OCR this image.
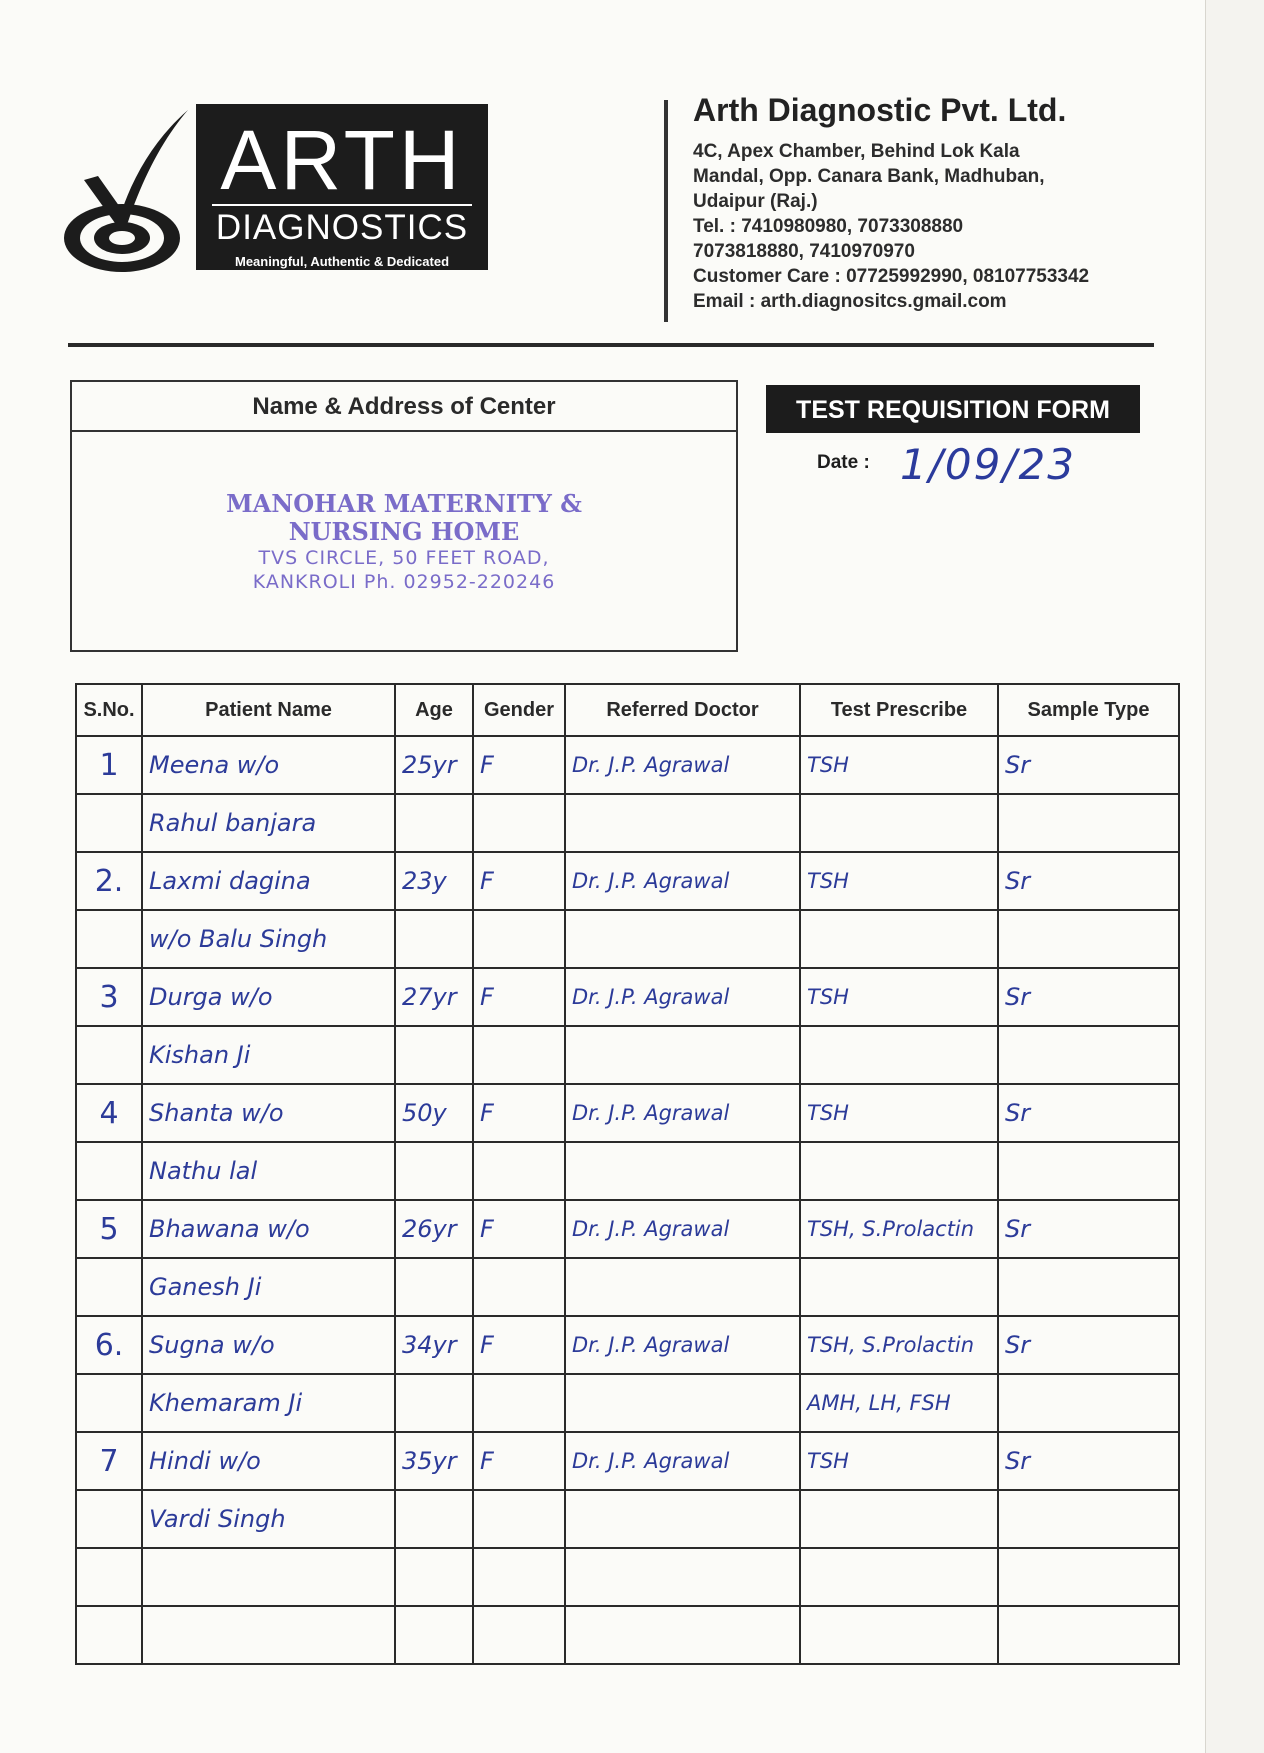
ARTH
DIAGNOSTICS
Meaningful, Authentic & Dedicated
Arth Diagnostic Pvt. Ltd.
4C, Apex Chamber, Behind Lok Kala
Mandal, Opp. Canara Bank, Madhuban,
Udaipur (Raj.)
Tel. : 7410980980, 7073308880
7073818880, 7410970970
Customer Care : 07725992990, 08107753342
Email : arth.diagnositcs.gmail.com
Name & Address of Center
MANOHAR MATERNITY &
NURSING HOME
TVS CIRCLE, 50 FEET ROAD,
KANKROLI Ph. 02952-220246
TEST REQUISITION FORM
Date : 1/09/23
S.No.	Patient Name	Age	Gender	Referred Doctor	Test Prescribe	Sample Type
1	Meena w/o	25yr	F	Dr. J.P. Agrawal	TSH	Sr
	Rahul banjara					
2.	Laxmi dagina	23y	F	Dr. J.P. Agrawal	TSH	Sr
	w/o Balu Singh					
3	Durga w/o	27yr	F	Dr. J.P. Agrawal	TSH	Sr
	Kishan Ji					
4	Shanta w/o	50y	F	Dr. J.P. Agrawal	TSH	Sr
	Nathu lal					
5	Bhawana w/o	26yr	F	Dr. J.P. Agrawal	TSH, S.Prolactin	Sr
	Ganesh Ji					
6.	Sugna w/o	34yr	F	Dr. J.P. Agrawal	TSH, S.Prolactin	Sr
	Khemaram Ji				AMH, LH, FSH	
7	Hindi w/o	35yr	F	Dr. J.P. Agrawal	TSH	Sr
	Vardi Singh					
